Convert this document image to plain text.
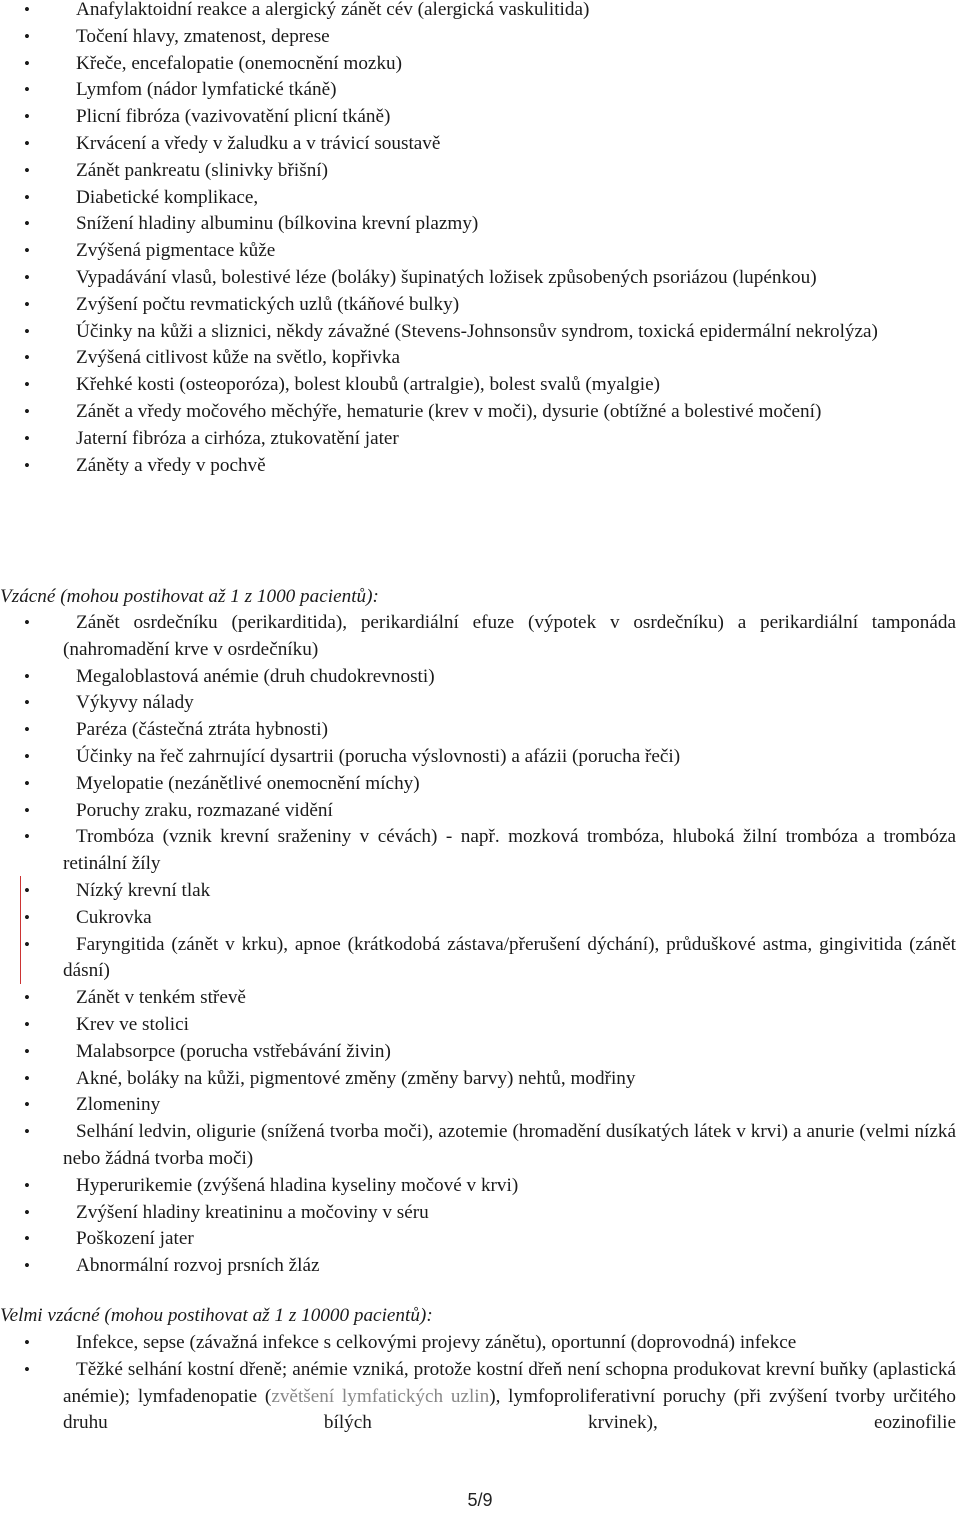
• Anafylaktoidní reakce a alergický zánět cév (alergická vaskulitida)
• Točení hlavy, zmatenost, deprese
• Křeče, encefalopatie (onemocnění mozku)
• Lymfom (nádor lymfatické tkáně)
• Plicní fibróza (vazivovatění plicní tkáně)
• Krvácení a vředy v žaludku a v trávicí soustavě
• Zánět pankreatu (slinivky břišní)
• Diabetické komplikace,
• Snížení hladiny albuminu (bílkovina krevní plazmy)
• Zvýšená pigmentace kůže
• Vypadávání vlasů, bolestivé léze (boláky) šupinatých ložisek způsobených psoriázou (lupénkou)
• Zvýšení počtu revmatických uzlů (tkáňové bulky)
• Účinky na kůži a sliznici, někdy závažné (Stevens-Johnsonsův syndrom, toxická epidermální nekrolýza)
• Zvýšená citlivost kůže na světlo, kopřivka
• Křehké kosti (osteoporóza), bolest kloubů (artralgie), bolest svalů (myalgie)
• Zánět a vředy močového měchýře, hematurie (krev v moči), dysurie (obtížné a bolestivé močení)
• Jaterní fibróza a cirhóza, ztukovatění jater
• Záněty a vředy v pochvě

Vzácné (mohou postihovat až 1 z 1000 pacientů):

• Zánět osrdečníku (perikarditida), perikardiální efuze (výpotek v osrdečníku) a perikardiální tamponáda (nahromadění krve v osrdečníku)
• Megaloblastová anémie (druh chudokrevnosti)
• Výkyvy nálady
• Paréza (částečná ztráta hybnosti)
• Účinky na řeč zahrnující dysartrii (porucha výslovnosti) a afázii (porucha řeči)
• Myelopatie (nezánětlivé onemocnění míchy)
• Poruchy zraku, rozmazané vidění
• Trombóza (vznik krevní sraženiny v cévách) - např. mozková trombóza, hluboká žilní trombóza a trombóza retinální žíly
• Nízký krevní tlak
• Cukrovka
• Faryngitida (zánět v krku), apnoe (krátkodobá zástava/přerušení dýchání), průduškové astma, gingivitida (zánět dásní)
• Zánět v tenkém střevě
• Krev ve stolici
• Malabsorpce (porucha vstřebávání živin)
• Akné, boláky na kůži, pigmentové změny (změny barvy) nehtů, modřiny
• Zlomeniny
• Selhání ledvin, oligurie (snížená tvorba moči), azotemie (hromadění dusíkatých látek v krvi) a anurie (velmi nízká nebo žádná tvorba moči)
• Hyperurikemie (zvýšená hladina kyseliny močové v krvi)
• Zvýšení hladiny kreatininu a močoviny v séru
• Poškození jater
• Abnormální rozvoj prsních žláz

Velmi vzácné (mohou postihovat až 1 z 10000 pacientů):

• Infekce, sepse (závažná infekce s celkovými projevy zánětu), oportunní (doprovodná) infekce
• Těžké selhání kostní dřeně; anémie vzniká, protože kostní dřeň není schopna produkovat krevní buňky (aplastická anémie); lymfadenopatie (zvětšení lymfatických uzlin), lymfoproliferativní poruchy (při zvýšení tvorby určitého druhu bílých krvinek), eozinofilie
5/9
